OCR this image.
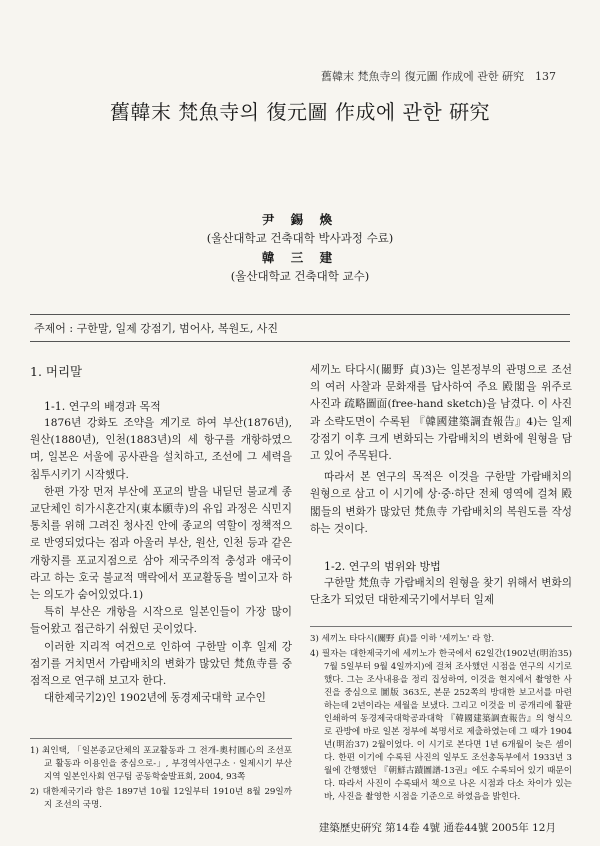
舊韓末 梵魚寺의 復元圖 作成에 관한 硏究　137
舊韓末 梵魚寺의 復元圖 作成에 관한 硏究
尹 錫 煥
(울산대학교 건축대학 박사과정 수료)
韓 三 建
(울산대학교 건축대학 교수)
주제어 : 구한말, 일제 강점기, 범어사, 복원도, 사진
1. 머리말
1-1. 연구의 배경과 목적

1876년 강화도 조약을 계기로 하여 부산(1876년), 원산(1880년), 인천(1883년)의 세 항구를 개항하였으며, 일본은 서울에 공사관을 설치하고, 조선에 그 세력을 침투시키기 시작했다.

한편 가장 먼저 부산에 포교의 발을 내딛던 불교계 종교단체인 히가시혼간지(東本願寺)의 유입 과정은 식민지통치를 위해 그려진 청사진 안에 종교의 역할이 정책적으로 반영되었다는 점과 아울러 부산, 원산, 인천 등과 같은 개항지를 포교지점으로 삼아 제국주의적 충성과 애국이라고 하는 호국 불교적 맥락에서 포교활동을 벌이고자 하는 의도가 숨어있었다.1)

특히 부산은 개항을 시작으로 일본인들이 가장 많이 들어왔고 접근하기 쉬웠던 곳이었다.

이러한 지리적 여건으로 인하여 구한말 이후 일제 강점기를 거치면서 가람배치의 변화가 많았던 梵魚寺를 중점적으로 연구해 보고자 한다.

대한제국기2)인 1902년에 동경제국대학 교수인

세끼노 타다시(關野 貞)3)는 일본정부의 관명으로 조선의 여러 사찰과 문화재를 답사하여 주요 殿閣을 위주로 사진과 疏略圖面(free-hand sketch)을 남겼다. 이 사진과 소략도면이 수록된 『韓國建築調査報告』4)는 일제 강점기 이후 크게 변화되는 가람배치의 변화에 원형을 담고 있어 주목된다.

따라서 본 연구의 목적은 이것을 구한말 가람배치의 원형으로 삼고 이 시기에 상·중·하단 전체 영역에 걸쳐 殿閣들의 변화가 많았던 梵魚寺 가람배치의 복원도를 작성하는 것이다.

1-2. 연구의 범위와 방법

구한말 梵魚寺 가람배치의 원형을 찾기 위해서 변화의 단초가 되었던 대한제국기에서부터 일제

1) 최인택, 「일본종교단체의 포교활동과 그 전개-奧村圓心의 조선포교 활동과 이용인을 중심으로-」, 부경역사연구소 · 일제시기 부산지역 일본인사회 연구팀 공동학술발표회, 2004, 93쪽

2) 대한제국기라 함은 1897년 10월 12일부터 1910년 8월 29일까지 조선의 국명.

3) 세끼노 타다시(關野 貞)를 이하 '세끼노' 라 함.

4) 필자는 대한제국기에 세끼노가 한국에서 62일간(1902년(明治35) 7월 5일부터 9월 4일까지)에 걸쳐 조사했던 시점을 연구의 시기로 했다. 그는 조사내용을 정리 집성하여, 이것을 현지에서 촬영한 사진을 중심으로 圖版 363도, 본문 252쪽의 방대한 보고서를 마련하는데 2년이라는 세월을 보냈다. 그리고 이것을 비 공개리에 활판 인쇄하여 동경제국대학공과대학 『韓國建築調査報告』의 형식으로 관방에 바로 일본 정부에 복명서로 제출하였는데 그 때가 1904년(明治37) 2월이었다. 이 시기로 본다면 1년 6개월이 늦은 셈이다. 한편 이기에 수록된 사진의 일부도 조선총독부에서 1933년 3월에 간행했던 『朝鮮古蹟圖譜-13권』에도 수록되어 있기 때문이다. 따라서 사진이 수록돼서 책으로 나온 시점과 다소 차이가 있는 바, 사진을 촬영한 시점을 기준으로 하였음을 밝힌다.

建築歷史硏究 第14卷 4號 通卷44號 2005年 12月
